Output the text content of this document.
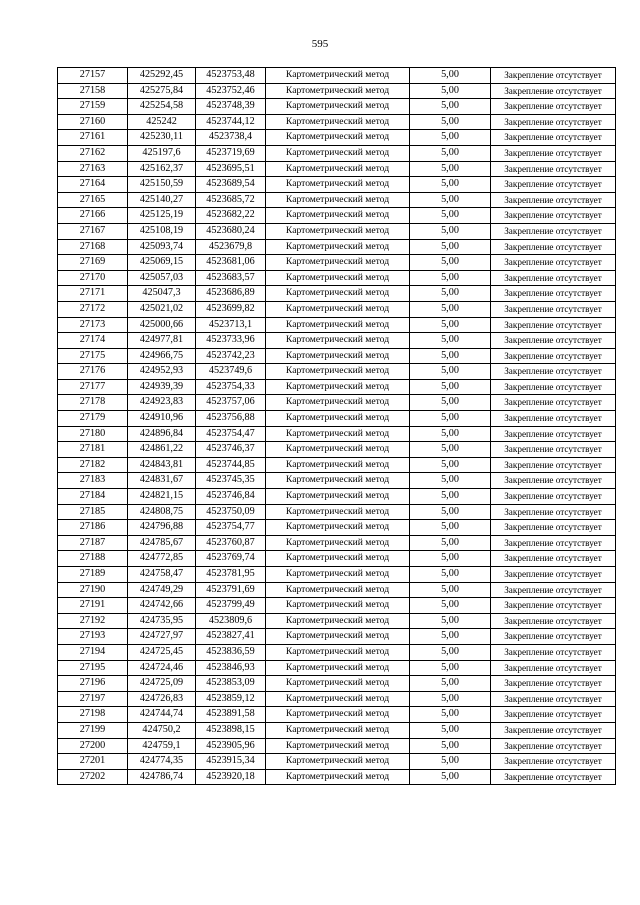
595
27157	425292,45	4523753,48	Картометрический метод	5,00	Закрепление отсутствует
27158	425275,84	4523752,46	Картометрический метод	5,00	Закрепление отсутствует
27159	425254,58	4523748,39	Картометрический метод	5,00	Закрепление отсутствует
27160	425242	4523744,12	Картометрический метод	5,00	Закрепление отсутствует
27161	425230,11	4523738,4	Картометрический метод	5,00	Закрепление отсутствует
27162	425197,6	4523719,69	Картометрический метод	5,00	Закрепление отсутствует
27163	425162,37	4523695,51	Картометрический метод	5,00	Закрепление отсутствует
27164	425150,59	4523689,54	Картометрический метод	5,00	Закрепление отсутствует
27165	425140,27	4523685,72	Картометрический метод	5,00	Закрепление отсутствует
27166	425125,19	4523682,22	Картометрический метод	5,00	Закрепление отсутствует
27167	425108,19	4523680,24	Картометрический метод	5,00	Закрепление отсутствует
27168	425093,74	4523679,8	Картометрический метод	5,00	Закрепление отсутствует
27169	425069,15	4523681,06	Картометрический метод	5,00	Закрепление отсутствует
27170	425057,03	4523683,57	Картометрический метод	5,00	Закрепление отсутствует
27171	425047,3	4523686,89	Картометрический метод	5,00	Закрепление отсутствует
27172	425021,02	4523699,82	Картометрический метод	5,00	Закрепление отсутствует
27173	425000,66	4523713,1	Картометрический метод	5,00	Закрепление отсутствует
27174	424977,81	4523733,96	Картометрический метод	5,00	Закрепление отсутствует
27175	424966,75	4523742,23	Картометрический метод	5,00	Закрепление отсутствует
27176	424952,93	4523749,6	Картометрический метод	5,00	Закрепление отсутствует
27177	424939,39	4523754,33	Картометрический метод	5,00	Закрепление отсутствует
27178	424923,83	4523757,06	Картометрический метод	5,00	Закрепление отсутствует
27179	424910,96	4523756,88	Картометрический метод	5,00	Закрепление отсутствует
27180	424896,84	4523754,47	Картометрический метод	5,00	Закрепление отсутствует
27181	424861,22	4523746,37	Картометрический метод	5,00	Закрепление отсутствует
27182	424843,81	4523744,85	Картометрический метод	5,00	Закрепление отсутствует
27183	424831,67	4523745,35	Картометрический метод	5,00	Закрепление отсутствует
27184	424821,15	4523746,84	Картометрический метод	5,00	Закрепление отсутствует
27185	424808,75	4523750,09	Картометрический метод	5,00	Закрепление отсутствует
27186	424796,88	4523754,77	Картометрический метод	5,00	Закрепление отсутствует
27187	424785,67	4523760,87	Картометрический метод	5,00	Закрепление отсутствует
27188	424772,85	4523769,74	Картометрический метод	5,00	Закрепление отсутствует
27189	424758,47	4523781,95	Картометрический метод	5,00	Закрепление отсутствует
27190	424749,29	4523791,69	Картометрический метод	5,00	Закрепление отсутствует
27191	424742,66	4523799,49	Картометрический метод	5,00	Закрепление отсутствует
27192	424735,95	4523809,6	Картометрический метод	5,00	Закрепление отсутствует
27193	424727,97	4523827,41	Картометрический метод	5,00	Закрепление отсутствует
27194	424725,45	4523836,59	Картометрический метод	5,00	Закрепление отсутствует
27195	424724,46	4523846,93	Картометрический метод	5,00	Закрепление отсутствует
27196	424725,09	4523853,09	Картометрический метод	5,00	Закрепление отсутствует
27197	424726,83	4523859,12	Картометрический метод	5,00	Закрепление отсутствует
27198	424744,74	4523891,58	Картометрический метод	5,00	Закрепление отсутствует
27199	424750,2	4523898,15	Картометрический метод	5,00	Закрепление отсутствует
27200	424759,1	4523905,96	Картометрический метод	5,00	Закрепление отсутствует
27201	424774,35	4523915,34	Картометрический метод	5,00	Закрепление отсутствует
27202	424786,74	4523920,18	Картометрический метод	5,00	Закрепление отсутствует
